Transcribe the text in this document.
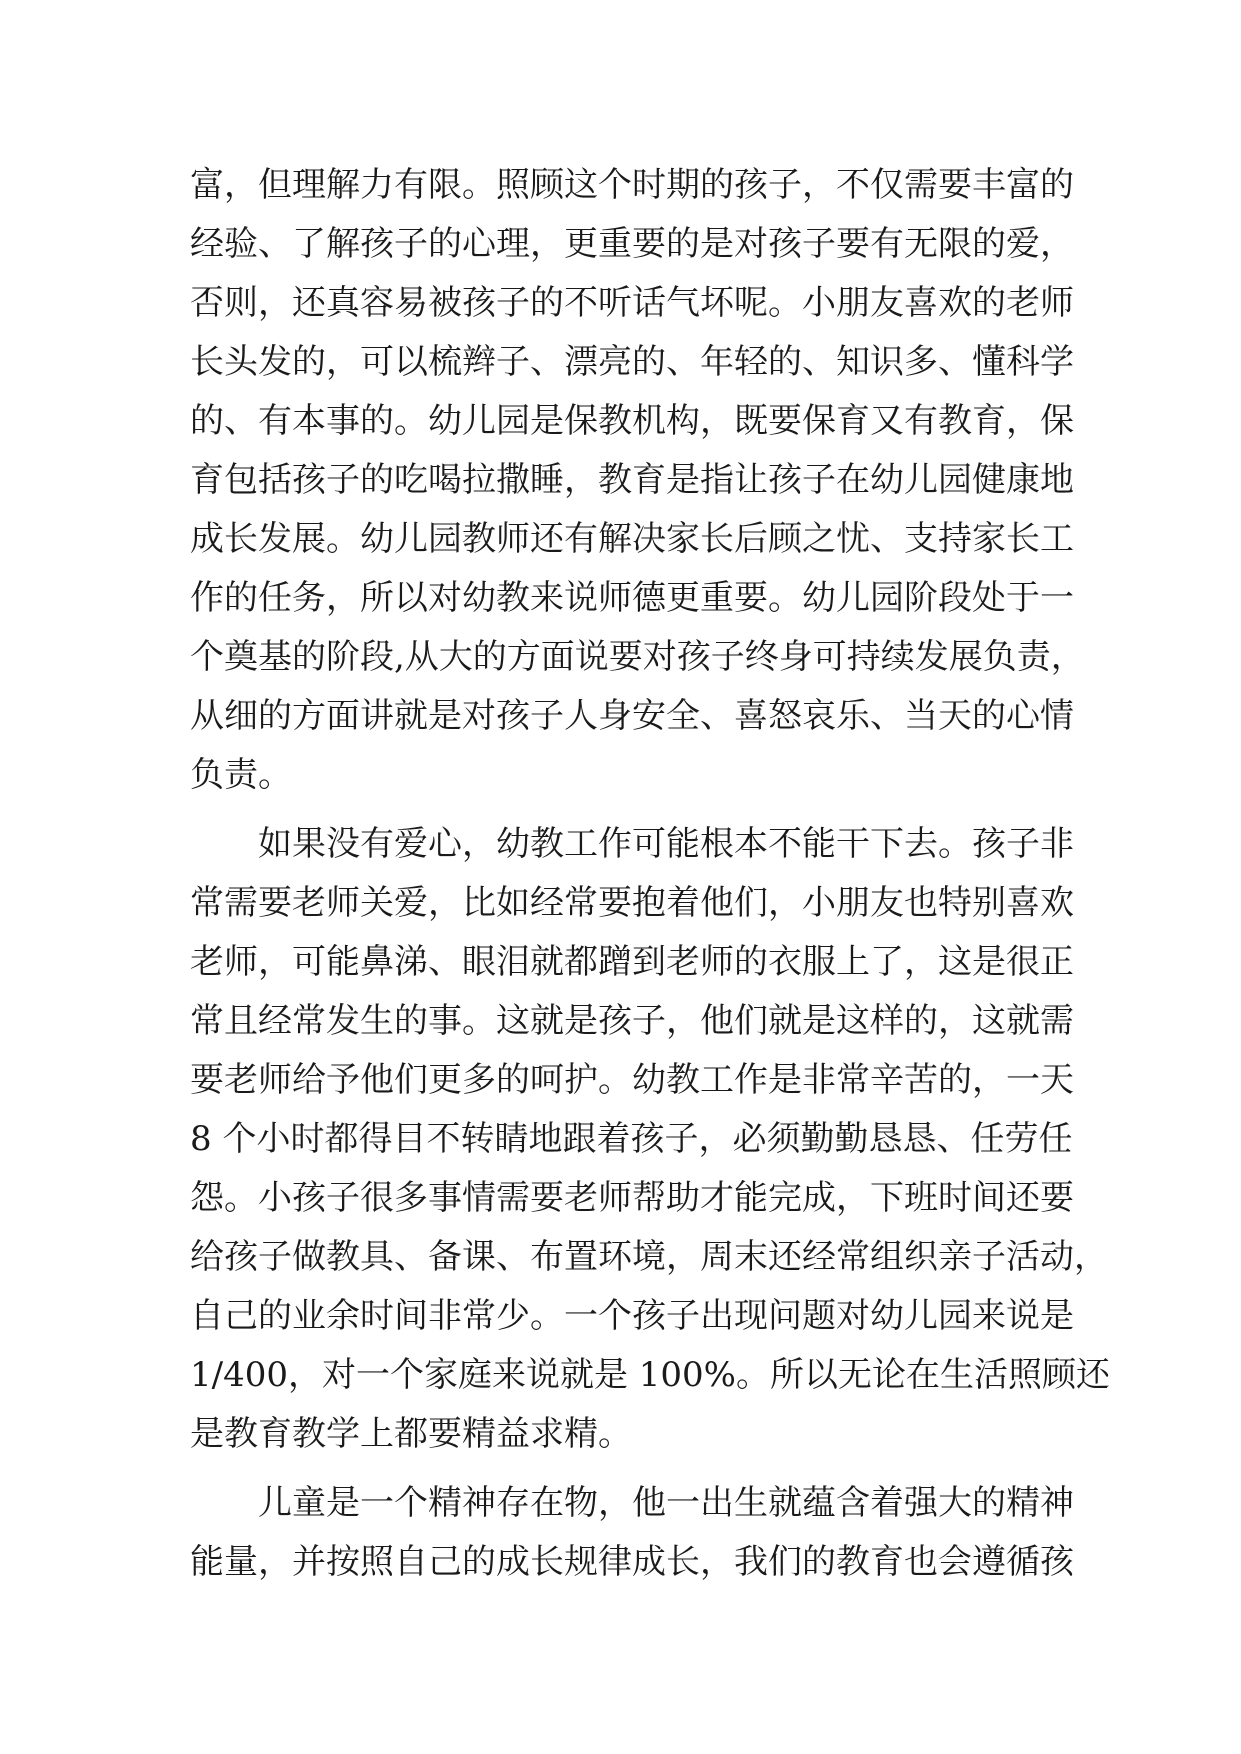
富，但理解力有限。照顾这个时期的孩子，不仅需要丰富的
经验、了解孩子的心理，更重要的是对孩子要有无限的爱，
否则，还真容易被孩子的不听话气坏呢。小朋友喜欢的老师
长头发的，可以梳辫子、漂亮的、年轻的、知识多、懂科学
的、有本事的。幼儿园是保教机构，既要保育又有教育，保
育包括孩子的吃喝拉撒睡，教育是指让孩子在幼儿园健康地
成长发展。幼儿园教师还有解决家长后顾之忧、支持家长工
作的任务，所以对幼教来说师德更重要。幼儿园阶段处于一
个奠基的阶段,从大的方面说要对孩子终身可持续发展负责，
从细的方面讲就是对孩子人身安全、喜怒哀乐、当天的心情
负责。
如果没有爱心，幼教工作可能根本不能干下去。孩子非
常需要老师关爱，比如经常要抱着他们，小朋友也特别喜欢
老师，可能鼻涕、眼泪就都蹭到老师的衣服上了，这是很正
常且经常发生的事。这就是孩子，他们就是这样的，这就需
要老师给予他们更多的呵护。幼教工作是非常辛苦的，一天
8 个小时都得目不转睛地跟着孩子，必须勤勤恳恳、任劳任
怨。小孩子很多事情需要老师帮助才能完成，下班时间还要
给孩子做教具、备课、布置环境，周末还经常组织亲子活动，
自己的业余时间非常少。一个孩子出现问题对幼儿园来说是
1/400，对一个家庭来说就是 100%。所以无论在生活照顾还
是教育教学上都要精益求精。
儿童是一个精神存在物，他一出生就蕴含着强大的精神
能量，并按照自己的成长规律成长，我们的教育也会遵循孩
